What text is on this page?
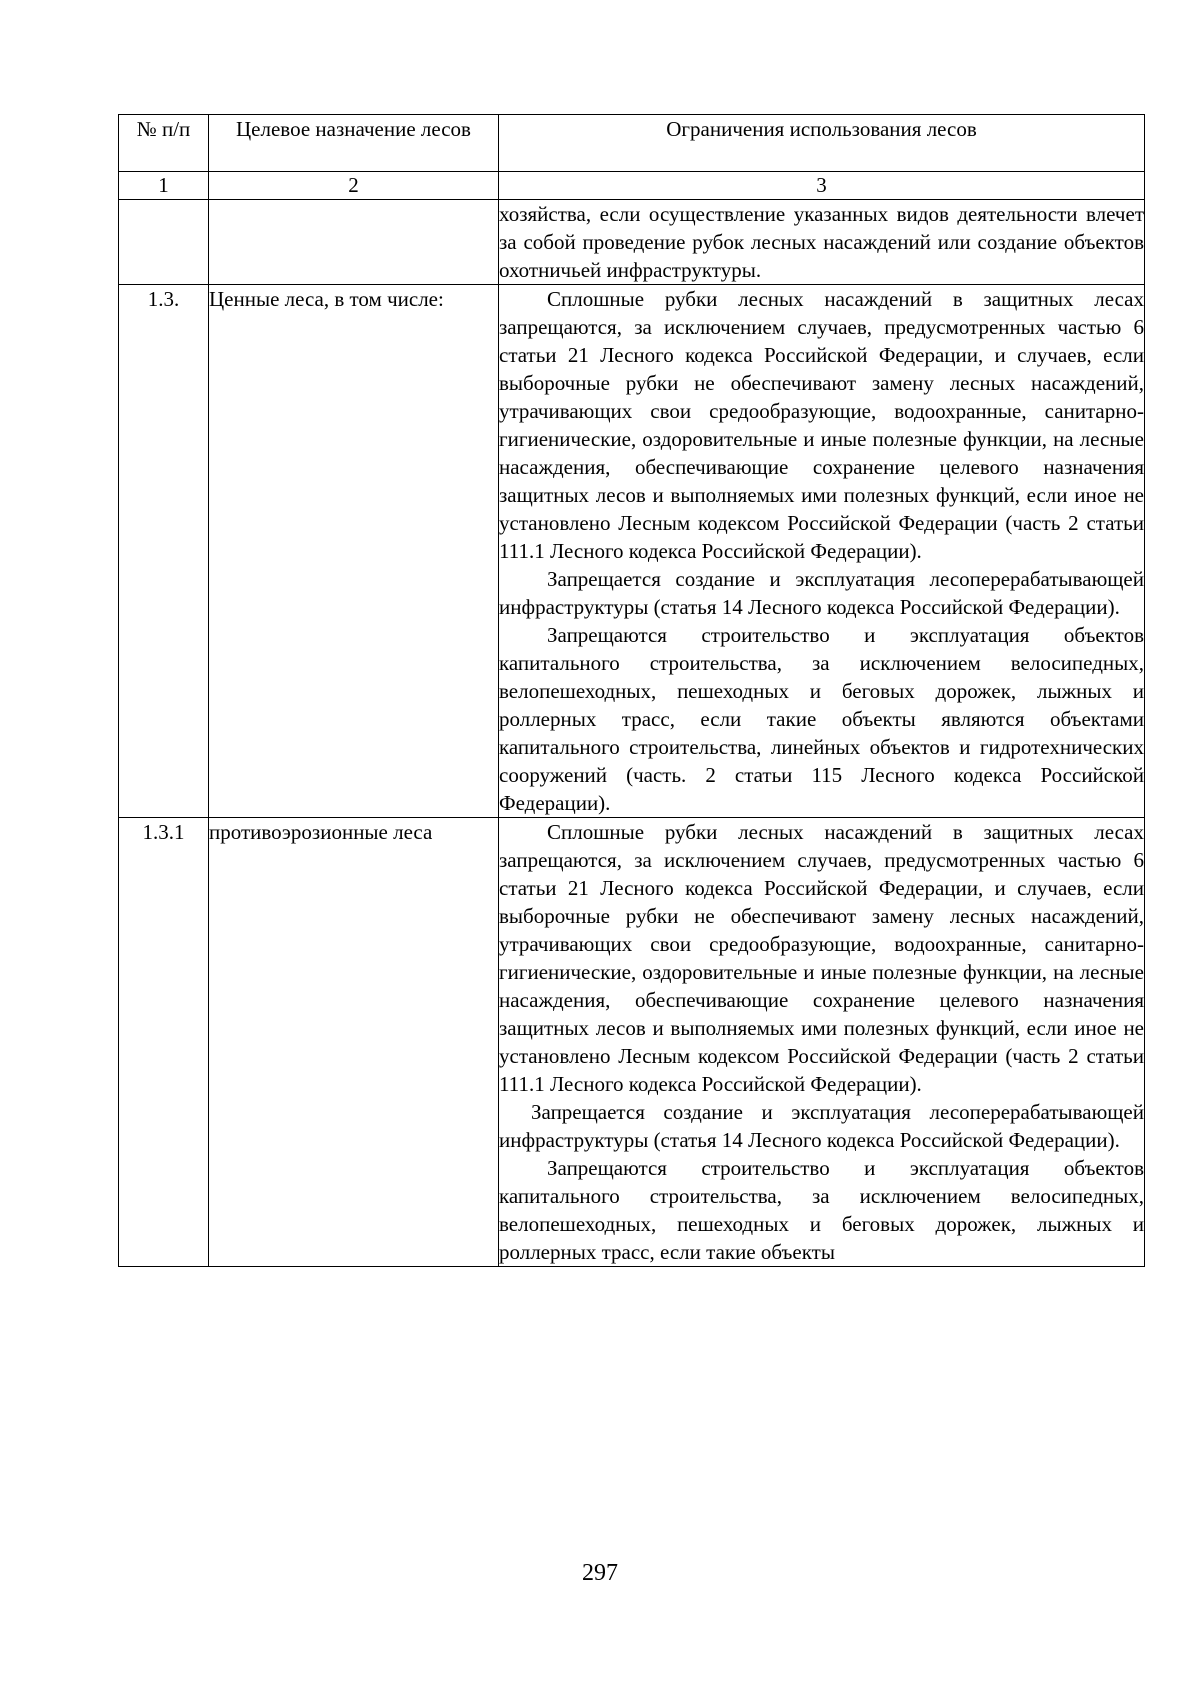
№ п/п	Целевое назначение лесов	Ограничения использования лесов
1	2	3

		хозяйства, если осуществление указанных видов деятельности влечет за собой проведение рубок лесных насаждений или создание объектов охотничьей инфраструктуры.

1.3.	Ценные леса, в том числе:	Сплошные рубки лесных насаждений в защитных лесах запрещаются, за исключением случаев, предусмотренных частью 6 статьи 21 Лесного кодекса Российской Федерации, и случаев, если выборочные рубки не обеспечивают замену лесных насаждений, утрачивающих свои средообразующие, водоохранные, санитарно-гигиенические, оздоровительные и иные полезные функции, на лесные насаждения, обеспечивающие сохранение целевого назначения защитных лесов и выполняемых ими полезных функций, если иное не установлено Лесным кодексом Российской Федерации (часть 2 статьи 111.1 Лесного кодекса Российской Федерации).

Запрещается создание и эксплуатация лесоперерабатывающей инфраструктуры (статья 14 Лесного кодекса Российской Федерации).

Запрещаются строительство и эксплуатация объектов капитального строительства, за исключением велосипедных, велопешеходных, пешеходных и беговых дорожек, лыжных и роллерных трасс, если такие объекты являются объектами капитального строительства, линейных объектов и гидротехнических сооружений (часть. 2 статьи 115 Лесного кодекса Российской Федерации).

1.3.1	противоэрозионные леса	Сплошные рубки лесных насаждений в защитных лесах запрещаются, за исключением случаев, предусмотренных частью 6 статьи 21 Лесного кодекса Российской Федерации, и случаев, если выборочные рубки не обеспечивают замену лесных насаждений, утрачивающих свои средообразующие, водоохранные, санитарно-гигиенические, оздоровительные и иные полезные функции, на лесные насаждения, обеспечивающие сохранение целевого назначения защитных лесов и выполняемых ими полезных функций, если иное не установлено Лесным кодексом Российской Федерации (часть 2 статьи 111.1 Лесного кодекса Российской Федерации).

Запрещается создание и эксплуатация лесоперерабатывающей инфраструктуры (статья 14 Лесного кодекса Российской Федерации).

Запрещаются строительство и эксплуатация объектов капитального строительства, за исключением велосипедных, велопешеходных, пешеходных и беговых дорожек, лыжных и роллерных трасс, если такие объекты

297
